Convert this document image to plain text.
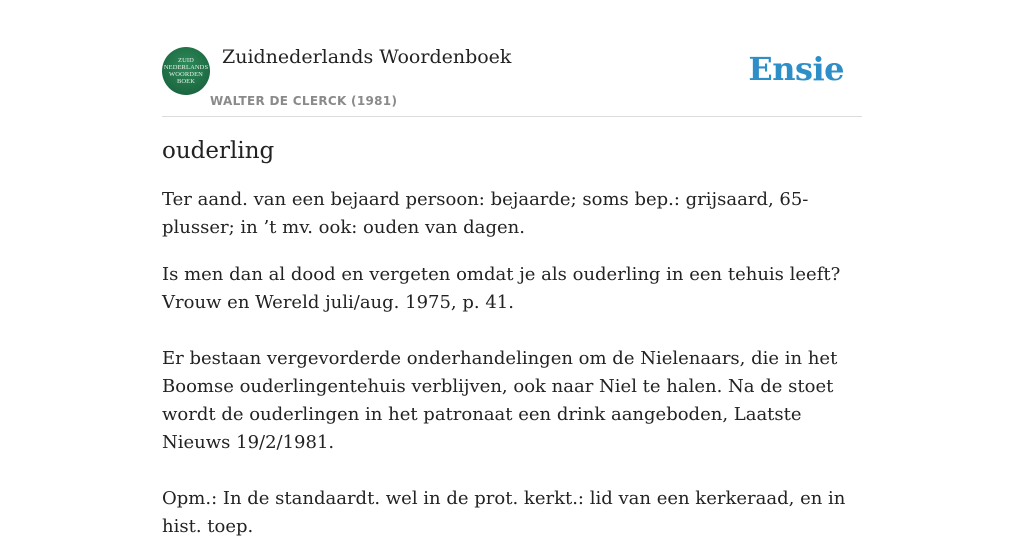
ZUID
NEDERLANDS
WOORDEN
BOEK
Zuidnederlands Woordenboek
WALTER DE CLERCK (1981)
Ensie
ouderling

Ter aand. van een bejaard persoon: bejaarde; soms bep.: grijsaard, 65-plusser; in ’t mv. ook: ouden van dagen.

Is men dan al dood en vergeten omdat je als ouderling in een tehuis leeft? Vrouw en Wereld juli/aug. 1975, p. 41.

Er bestaan vergevorderde onderhandelingen om de Nielenaars, die in het Boomse ouderlingentehuis verblijven, ook naar Niel te halen. Na de stoet wordt de ouderlingen in het patronaat een drink aangeboden, Laatste Nieuws 19/2/1981.

Opm.: In de standaardt. wel in de prot. kerkt.: lid van een kerkeraad, en in hist. toep.
